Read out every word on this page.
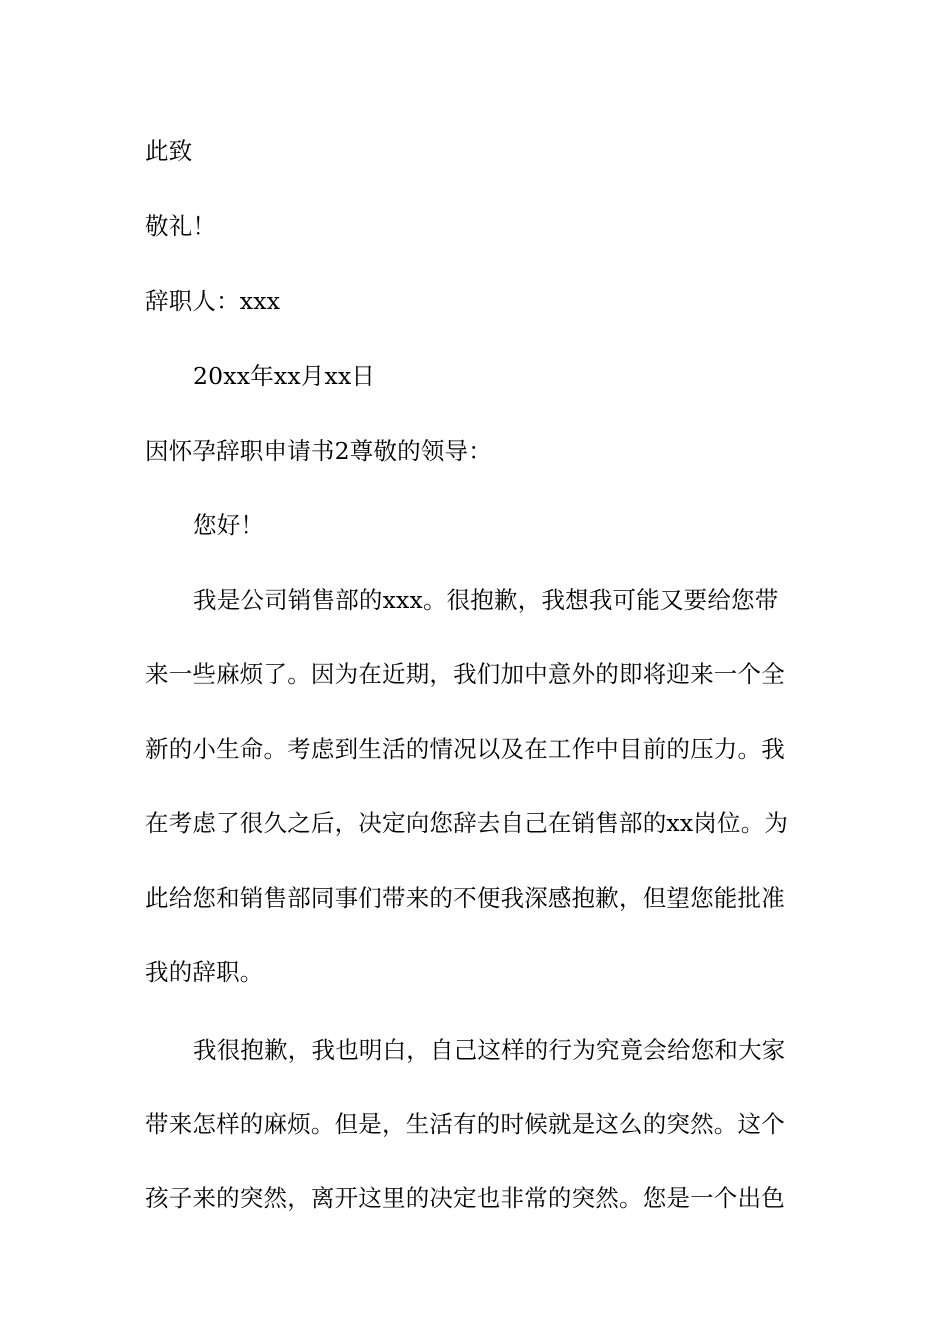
此致
敬礼！
辞职人：xxx
20xx年xx月xx日
因怀孕辞职申请书2尊敬的领导：
您好！
我是公司销售部的xxx。很抱歉，我想我可能又要给您带
来一些麻烦了。因为在近期，我们加中意外的即将迎来一个全
新的小生命。考虑到生活的情况以及在工作中目前的压力。我
在考虑了很久之后，决定向您辞去自己在销售部的xx岗位。为
此给您和销售部同事们带来的不便我深感抱歉，但望您能批准
我的辞职。
我很抱歉，我也明白，自己这样的行为究竟会给您和大家
带来怎样的麻烦。但是，生活有的时候就是这么的突然。这个
孩子来的突然，离开这里的决定也非常的突然。您是一个出色
